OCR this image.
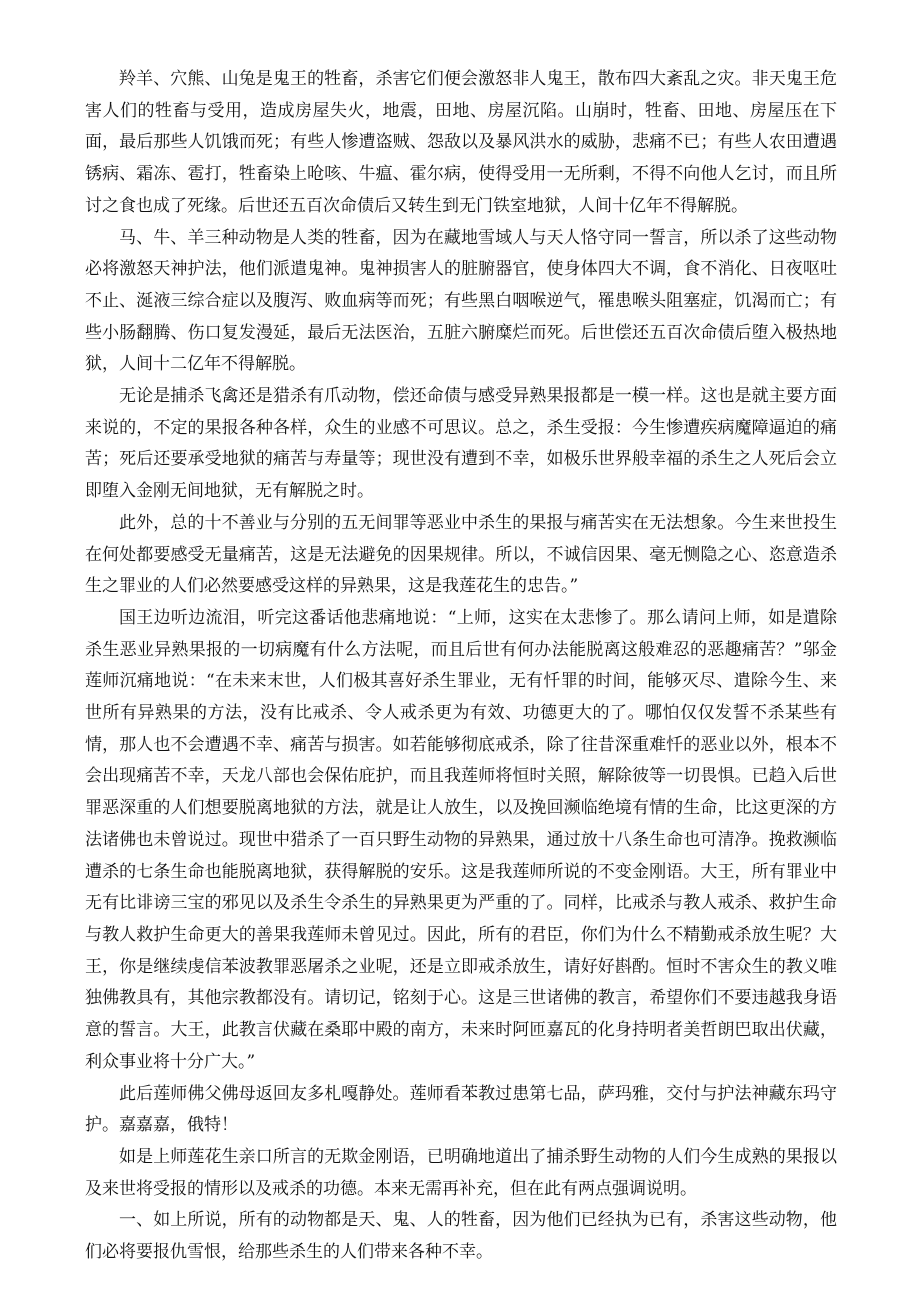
羚羊、穴熊、山兔是鬼王的牲畜，杀害它们便会激怒非人鬼王，散布四大紊乱之灾。非天鬼王危害人们的牲畜与受用，造成房屋失火，地震，田地、房屋沉陷。山崩时，牲畜、田地、房屋压在下面，最后那些人饥饿而死；有些人惨遭盗贼、怨敌以及暴风洪水的威胁，悲痛不已；有些人农田遭遇锈病、霜冻、雹打，牲畜染上呛咳、牛瘟、霍尔病，使得受用一无所剩，不得不向他人乞讨，而且所讨之食也成了死缘。后世还五百次命债后又转生到无门铁室地狱，人间十亿年不得解脱。

马、牛、羊三种动物是人类的牲畜，因为在藏地雪域人与天人恪守同一誓言，所以杀了这些动物必将激怒天神护法，他们派遣鬼神。鬼神损害人的脏腑器官，使身体四大不调，食不消化、日夜呕吐不止、涎液三综合症以及腹泻、败血病等而死；有些黑白咽喉逆气，罹患喉头阻塞症，饥渴而亡；有些小肠翻腾、伤口复发漫延，最后无法医治，五脏六腑糜烂而死。后世偿还五百次命债后堕入极热地狱，人间十二亿年不得解脱。

无论是捕杀飞禽还是猎杀有爪动物，偿还命债与感受异熟果报都是一模一样。这也是就主要方面来说的，不定的果报各种各样，众生的业感不可思议。总之，杀生受报：今生惨遭疾病魔障逼迫的痛苦；死后还要承受地狱的痛苦与寿量等；现世没有遭到不幸，如极乐世界般幸福的杀生之人死后会立即堕入金刚无间地狱，无有解脱之时。

此外，总的十不善业与分别的五无间罪等恶业中杀生的果报与痛苦实在无法想象。今生来世投生在何处都要感受无量痛苦，这是无法避免的因果规律。所以，不诚信因果、毫无恻隐之心、恣意造杀生之罪业的人们必然要感受这样的异熟果，这是我莲花生的忠告。”

国王边听边流泪，听完这番话他悲痛地说：“上师，这实在太悲惨了。那么请问上师，如是遣除杀生恶业异熟果报的一切病魔有什么方法呢，而且后世有何办法能脱离这般难忍的恶趣痛苦？”邬金莲师沉痛地说：“在未来末世，人们极其喜好杀生罪业，无有忏罪的时间，能够灭尽、遣除今生、来世所有异熟果的方法，没有比戒杀、令人戒杀更为有效、功德更大的了。哪怕仅仅发誓不杀某些有情，那人也不会遭遇不幸、痛苦与损害。如若能够彻底戒杀，除了往昔深重难忏的恶业以外，根本不会出现痛苦不幸，天龙八部也会保佑庇护，而且我莲师将恒时关照，解除彼等一切畏惧。已趋入后世罪恶深重的人们想要脱离地狱的方法，就是让人放生，以及挽回濒临绝境有情的生命，比这更深的方法诸佛也未曾说过。现世中猎杀了一百只野生动物的异熟果，通过放十八条生命也可清净。挽救濒临遭杀的七条生命也能脱离地狱，获得解脱的安乐。这是我莲师所说的不变金刚语。大王，所有罪业中无有比诽谤三宝的邪见以及杀生令杀生的异熟果更为严重的了。同样，比戒杀与教人戒杀、救护生命与教人救护生命更大的善果我莲师未曾见过。因此，所有的君臣，你们为什么不精勤戒杀放生呢？大王，你是继续虔信苯波教罪恶屠杀之业呢，还是立即戒杀放生，请好好斟酌。恒时不害众生的教义唯独佛教具有，其他宗教都没有。请切记，铭刻于心。这是三世诸佛的教言，希望你们不要违越我身语意的誓言。大王，此教言伏藏在桑耶中殿的南方，未来时阿匝嘉瓦的化身持明者美哲朗巴取出伏藏，利众事业将十分广大。”

此后莲师佛父佛母返回友多札嘎静处。莲师看苯教过患第七品，萨玛雅，交付与护法神藏东玛守护。嘉嘉嘉，俄特！

如是上师莲花生亲口所言的无欺金刚语，已明确地道出了捕杀野生动物的人们今生成熟的果报以及来世将受报的情形以及戒杀的功德。本来无需再补充，但在此有两点强调说明。

一、如上所说，所有的动物都是天、鬼、人的牲畜，因为他们已经执为已有，杀害这些动物，他们必将要报仇雪恨，给那些杀生的人们带来各种不幸。
